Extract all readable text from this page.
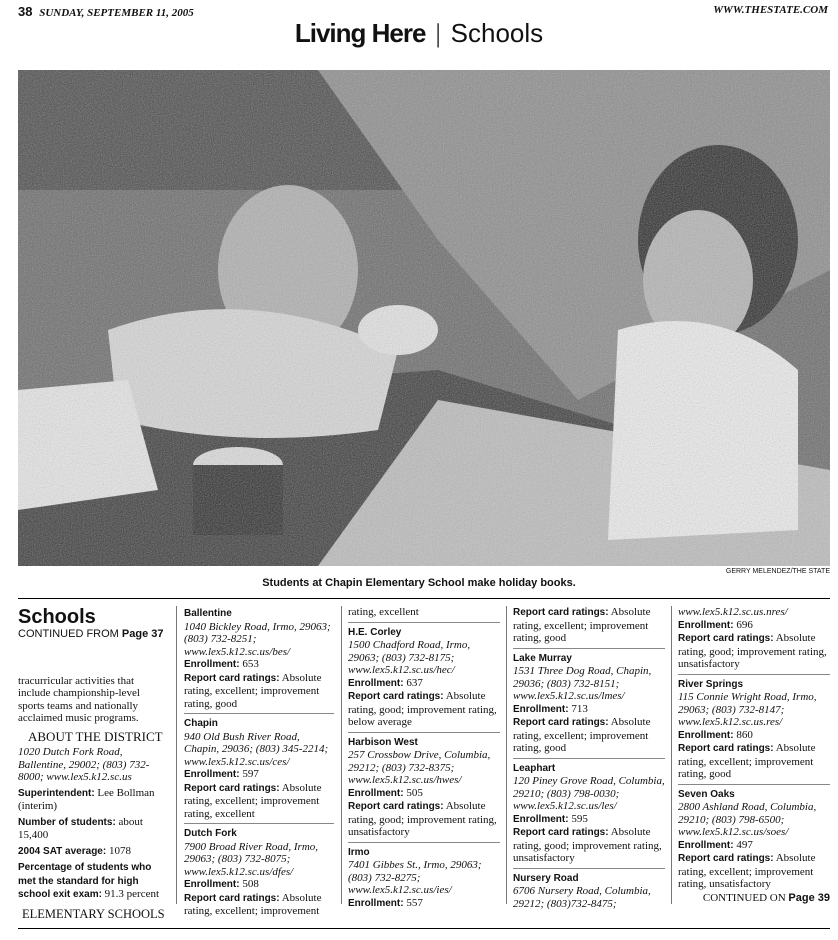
38 SUNDAY, SEPTEMBER 11, 2005	WWW.THESTATE.COM
Living Here | Schools
GERRY MELENDEZ/THE STATE
Students at Chapin Elementary School make holiday books.
Schools
CONTINUED FROM Page 37

tracurricular activities that include championship-level sports teams and nationally acclaimed music programs.

ABOUT THE DISTRICT

1020 Dutch Fork Road, Ballentine, 29002; (803) 732-8000; www.lex5.k12.sc.us

Superintendent: Lee Bollman (interim)

Number of students: about 15,400

2004 SAT average: 1078

Percentage of students who met the standard for high school exit exam: 91.3 percent

ELEMENTARY SCHOOLS
Ballentine
1040 Bickley Road, Irmo, 29063; (803) 732-8251; www.lex5.k12.sc.us/bes/
Enrollment: 653
Report card ratings: Absolute rating, excellent; improvement rating, good
Chapin
940 Old Bush River Road, Chapin, 29036; (803) 345-2214; www.lex5.k12.sc.us/ces/
Enrollment: 597
Report card ratings: Absolute rating, excellent; improvement rating, excellent
Dutch Fork
7900 Broad River Road, Irmo, 29063; (803) 732-8075; www.lex5.k12.sc.us/dfes/
Enrollment: 508
Report card ratings: Absolute rating, excellent; improvement
rating, excellent
H.E. Corley
1500 Chadford Road, Irmo, 29063; (803) 732-8175; www.lex5.k12.sc.us/hec/
Enrollment: 637
Report card ratings: Absolute rating, good; improvement rating, below average
Harbison West
257 Crossbow Drive, Columbia, 29212; (803) 732-8375; www.lex5.k12.sc.us/hwes/
Enrollment: 505
Report card ratings: Absolute rating, good; improvement rating, unsatisfactory
Irmo
7401 Gibbes St., Irmo, 29063; (803) 732-8275; www.lex5.k12.sc.us/ies/
Enrollment: 557
Report card ratings: Absolute rating, excellent; improvement rating, good
Lake Murray
1531 Three Dog Road, Chapin, 29036; (803) 732-8151; www.lex5.k12.sc.us/lmes/
Enrollment: 713
Report card ratings: Absolute rating, excellent; improvement rating, good
Leaphart
120 Piney Grove Road, Columbia, 29210; (803) 798-0030; www.lex5.k12.sc.us/les/
Enrollment: 595
Report card ratings: Absolute rating, good; improvement rating, unsatisfactory
Nursery Road
6706 Nursery Road, Columbia, 29212; (803)732-8475;
www.lex5.k12.sc.us.nres/
Enrollment: 696
Report card ratings: Absolute rating, good; improvement rating, unsatisfactory
River Springs
115 Connie Wright Road, Irmo, 29063; (803) 732-8147; www.lex5.k12.sc.us.res/
Enrollment: 860
Report card ratings: Absolute rating, excellent; improvement rating, good
Seven Oaks
2800 Ashland Road, Columbia, 29210; (803) 798-6500; www.lex5.k12.sc.us/soes/
Enrollment: 497
Report card ratings: Absolute rating, excellent; improvement rating, unsatisfactory
CONTINUED ON Page 39
